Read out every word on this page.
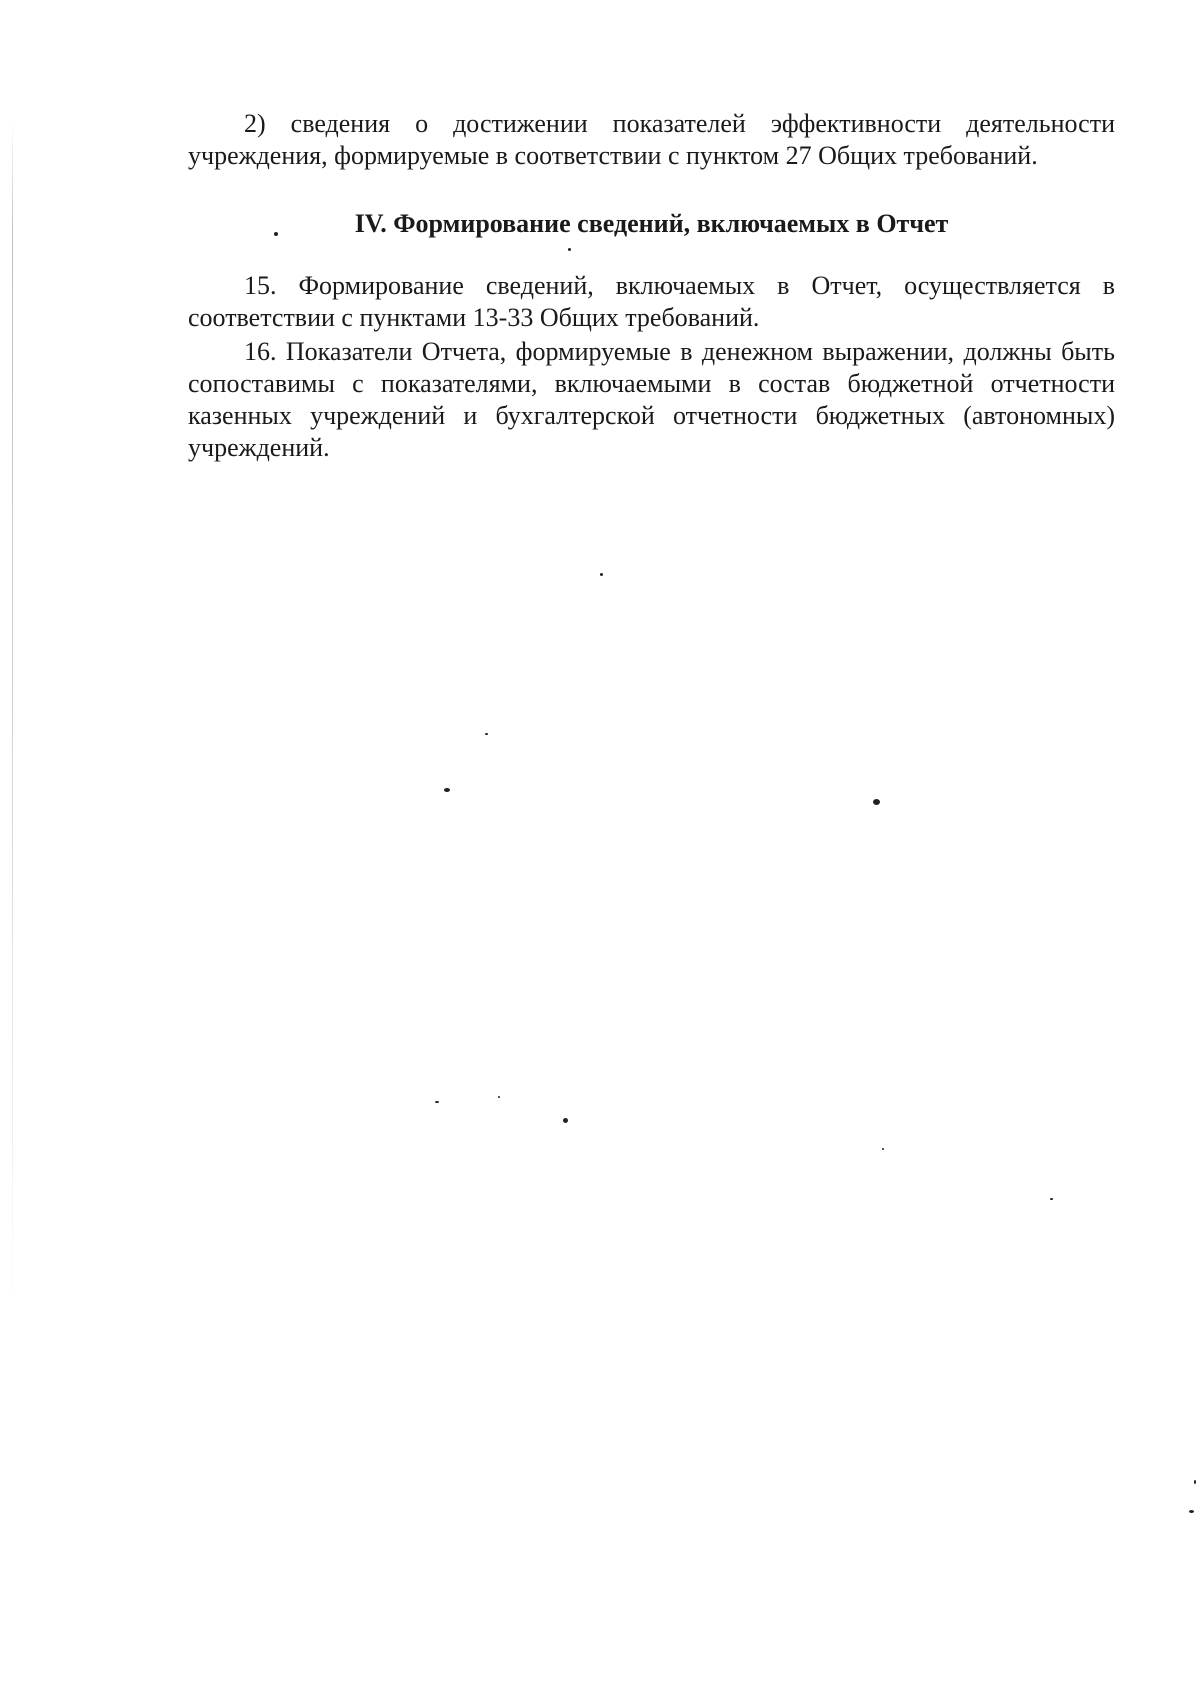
2) сведения о достижении показателей эффективности деятельности учреждения, формируемые в соответствии с пунктом 27 Общих требований.

IV. Формирование сведений, включаемых в Отчет

15. Формирование сведений, включаемых в Отчет, осуществляется в соответствии с пунктами 13-33 Общих требований.

16. Показатели Отчета, формируемые в денежном выражении, должны быть сопоставимы с показателями, включаемыми в состав бюджетной отчетности казенных учреждений и бухгалтерской отчетности бюджетных (автономных) учреждений.
